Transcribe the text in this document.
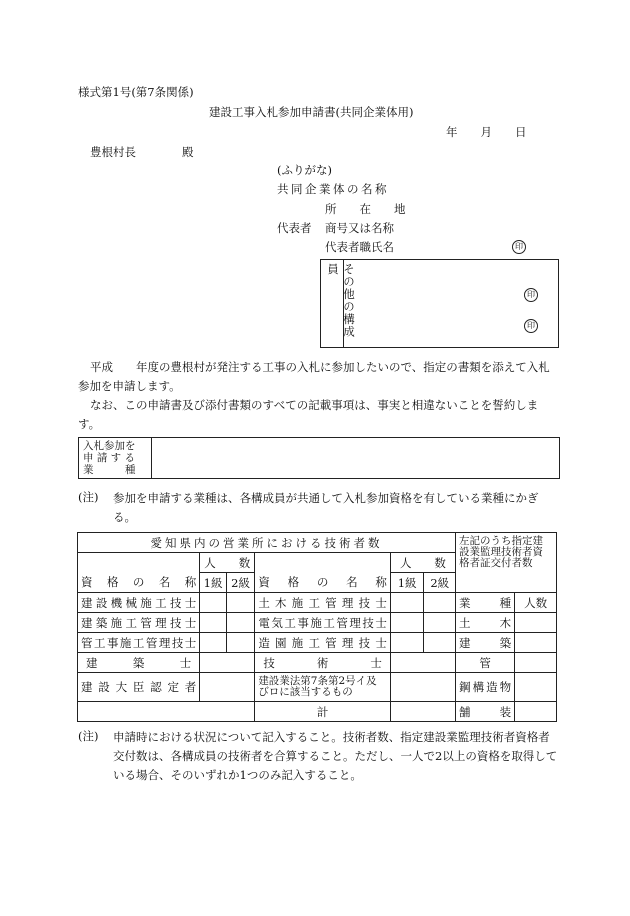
様式第1号(第7条関係)
建設工事入札参加申請書(共同企業体用)
年　　月　　日
豊根村長　　　　殿
(ふりがな)
共同企業体の名称
所　　在　　地
代表者 商号又は名称
代表者職氏名	印
その他の構成員
印
印
平成　　年度の豊根村が発注する工事の入札に参加したいので、指定の書類を添えて入札参加を申請します。
なお、この申請書及び添付書類のすべての記載事項は、事実と相違ないことを誓約します。
入札参加を
申 請 す る
業　　　種
(注) 参加を申請する業種は、各構成員が共通して入札参加資格を有している業種にかぎる。
愛知県内の営業所における技術者数						左記のうち指定建設業監理技術者資格者証交付者数	
	人　　数			人　　数			
資格の名称	1級	2級	資格の名称	1級	2級		
建設機械施工技士			土木施工管理技士			業　　種	人数
建築施工管理技士			電気工事施工管理技士			土　　木	
管工事施工管理技士			造園施工管理技士			建　　築	
建築士			技術士			管	
建設大臣認定者			建設業法第7条第2号イ及びロに該当するもの			鋼構造物	
			計			舗　　装	
(注) 申請時における状況について記入すること。技術者数、指定建設業監理技術者資格者交付数は、各構成員の技術者を合算すること。ただし、一人で2以上の資格を取得している場合、そのいずれか1つのみ記入すること。
